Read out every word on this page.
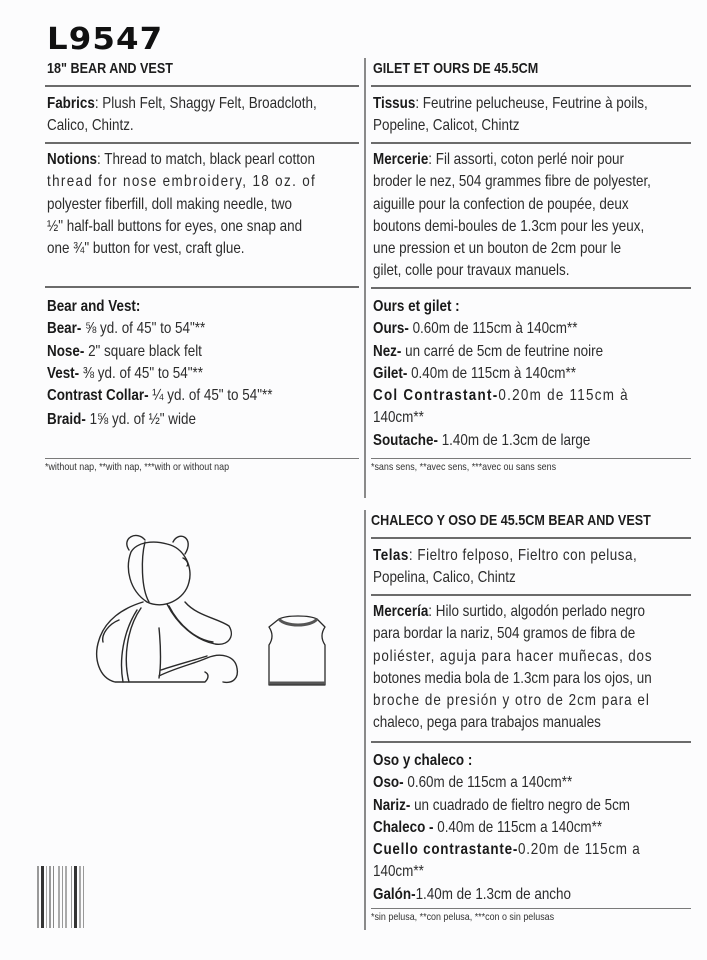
L9547
18" BEAR AND VEST
Fabrics: Plush Felt, Shaggy Felt, Broadcloth,
Calico, Chintz.
Notions: Thread to match, black pearl cotton
thread for nose embroidery, 18 oz. of
polyester fiberfill, doll making needle, two
½" half-ball buttons for eyes, one snap and
one ¾" button for vest, craft glue.
Bear and Vest:
Bear- ⅝ yd. of 45" to 54"**
Nose- 2" square black felt
Vest- ⅜ yd. of 45" to 54"**
Contrast Collar- ¼ yd. of 45" to 54"**
Braid- 1⅝ yd. of ½" wide
*without nap, **with nap, ***with or without nap
GILET ET OURS DE 45.5CM
Tissus: Feutrine pelucheuse, Feutrine à poils,
Popeline, Calicot, Chintz
Mercerie: Fil assorti, coton perlé noir pour
broder le nez, 504 grammes fibre de polyester,
aiguille pour la confection de poupée, deux
boutons demi-boules de 1.3cm pour les yeux,
une pression et un bouton de 2cm pour le
gilet, colle pour travaux manuels.
Ours et gilet :
Ours- 0.60m de 115cm à 140cm**
Nez- un carré de 5cm de feutrine noire
Gilet- 0.40m de 115cm à 140cm**
Col Contrastant-0.20m de 115cm à
140cm**
Soutache- 1.40m de 1.3cm de large
*sans sens, **avec sens, ***avec ou sans sens
CHALECO Y OSO DE 45.5CM BEAR AND VEST
Telas: Fieltro felposo, Fieltro con pelusa,
Popelina, Calico, Chintz
Mercería: Hilo surtido, algodón perlado negro
para bordar la nariz, 504 gramos de fibra de
poliéster, aguja para hacer muñecas, dos
botones media bola de 1.3cm para los ojos, un
broche de presión y otro de 2cm para el
chaleco, pega para trabajos manuales
Oso y chaleco :
Oso- 0.60m de 115cm a 140cm**
Nariz- un cuadrado de fieltro negro de 5cm
Chaleco - 0.40m de 115cm a 140cm**
Cuello contrastante-0.20m de 115cm a
140cm**
Galón-1.40m de 1.3cm de ancho
*sin pelusa, **con pelusa, ***con o sin pelusas
